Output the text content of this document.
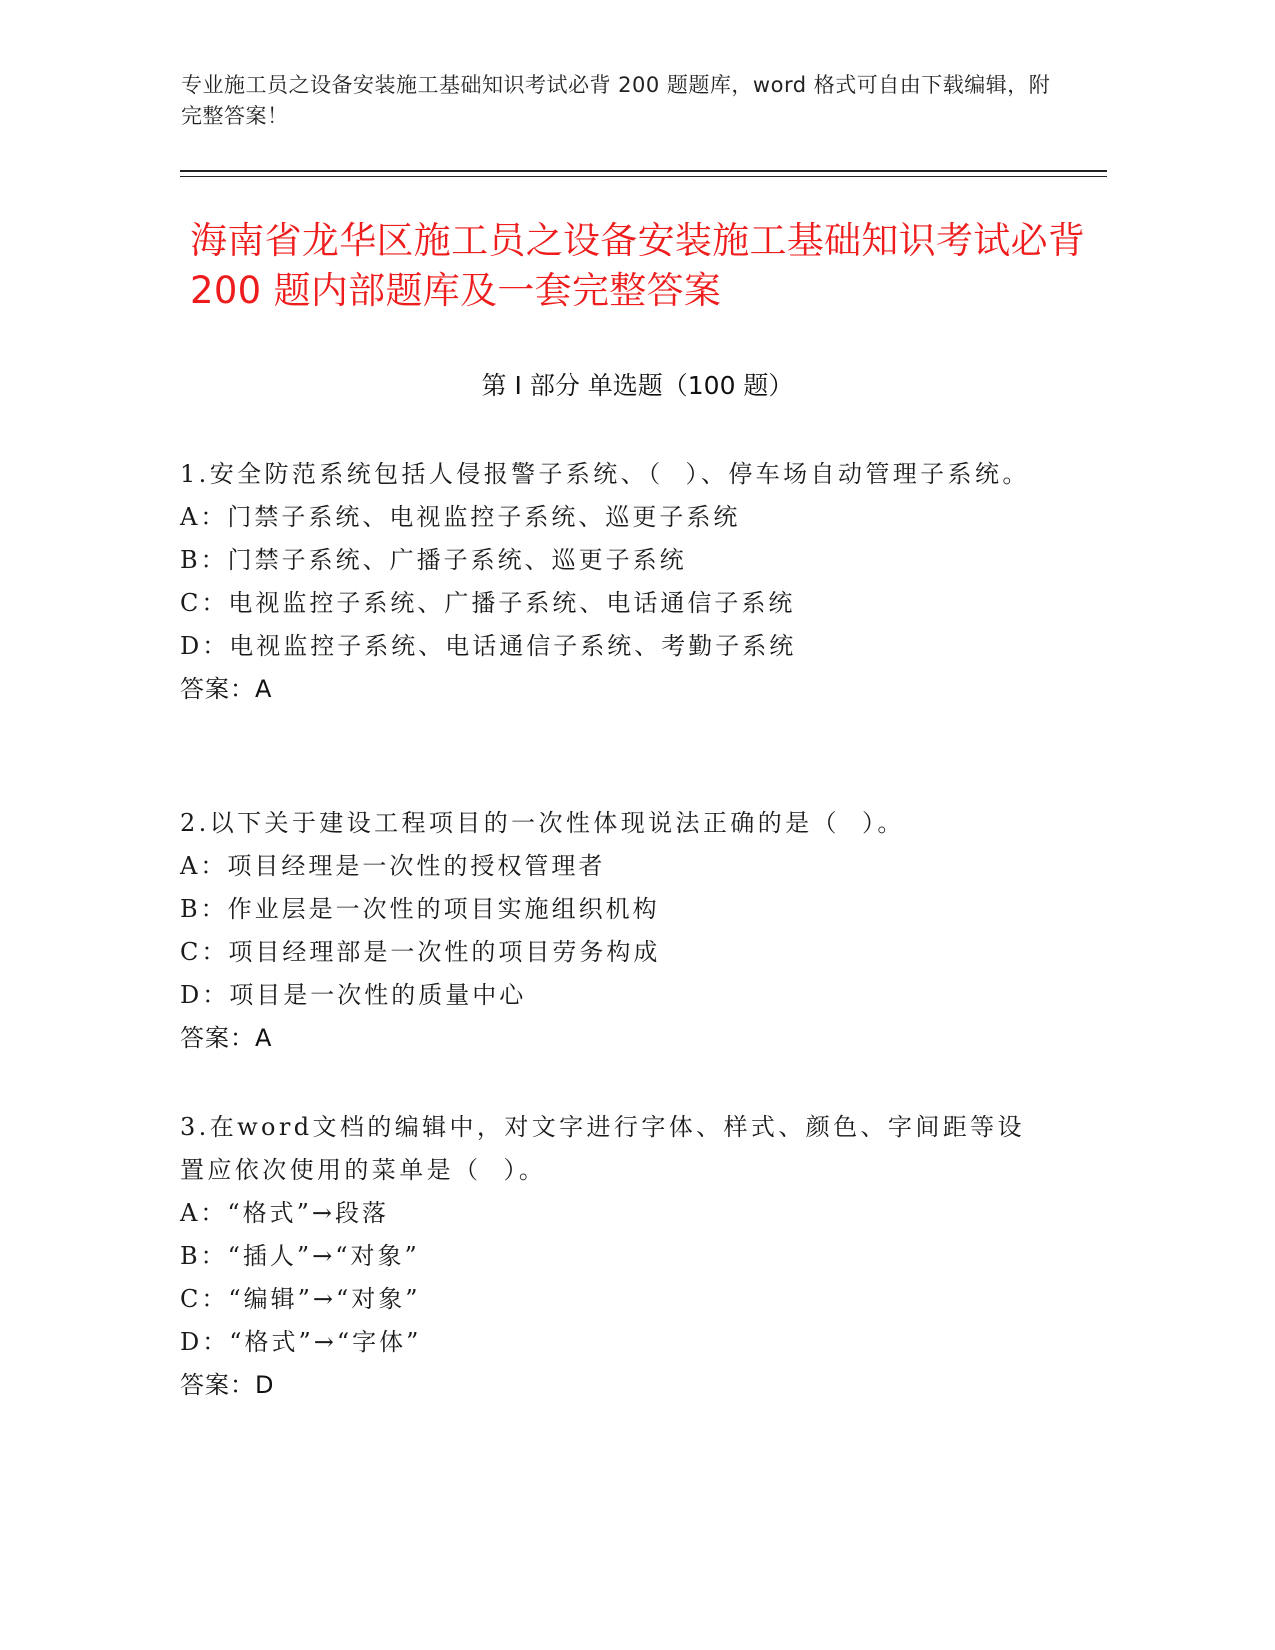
专业施工员之设备安装施工基础知识考试必背 200 题题库，word 格式可自由下载编辑，附完整答案！
海南省龙华区施工员之设备安装施工基础知识考试必背 200 题内部题库及一套完整答案
第 I 部分 单选题（100 题）
1.安全防范系统包括人侵报警子系统、（  ）、停车场自动管理子系统。
A：门禁子系统、电视监控子系统、巡更子系统
B：门禁子系统、广播子系统、巡更子系统
C：电视监控子系统、广播子系统、电话通信子系统
D：电视监控子系统、电话通信子系统、考勤子系统
答案：A
2.以下关于建设工程项目的一次性体现说法正确的是（  ）。
A：项目经理是一次性的授权管理者
B：作业层是一次性的项目实施组织机构
C：项目经理部是一次性的项目劳务构成
D：项目是一次性的质量中心
答案：A
3.在word文档的编辑中，对文字进行字体、样式、颜色、字间距等设置应依次使用的菜单是（  ）。
A：“格式”→段落
B：“插人”→“对象”
C：“编辑”→“对象”
D：“格式”→“字体”
答案：D
